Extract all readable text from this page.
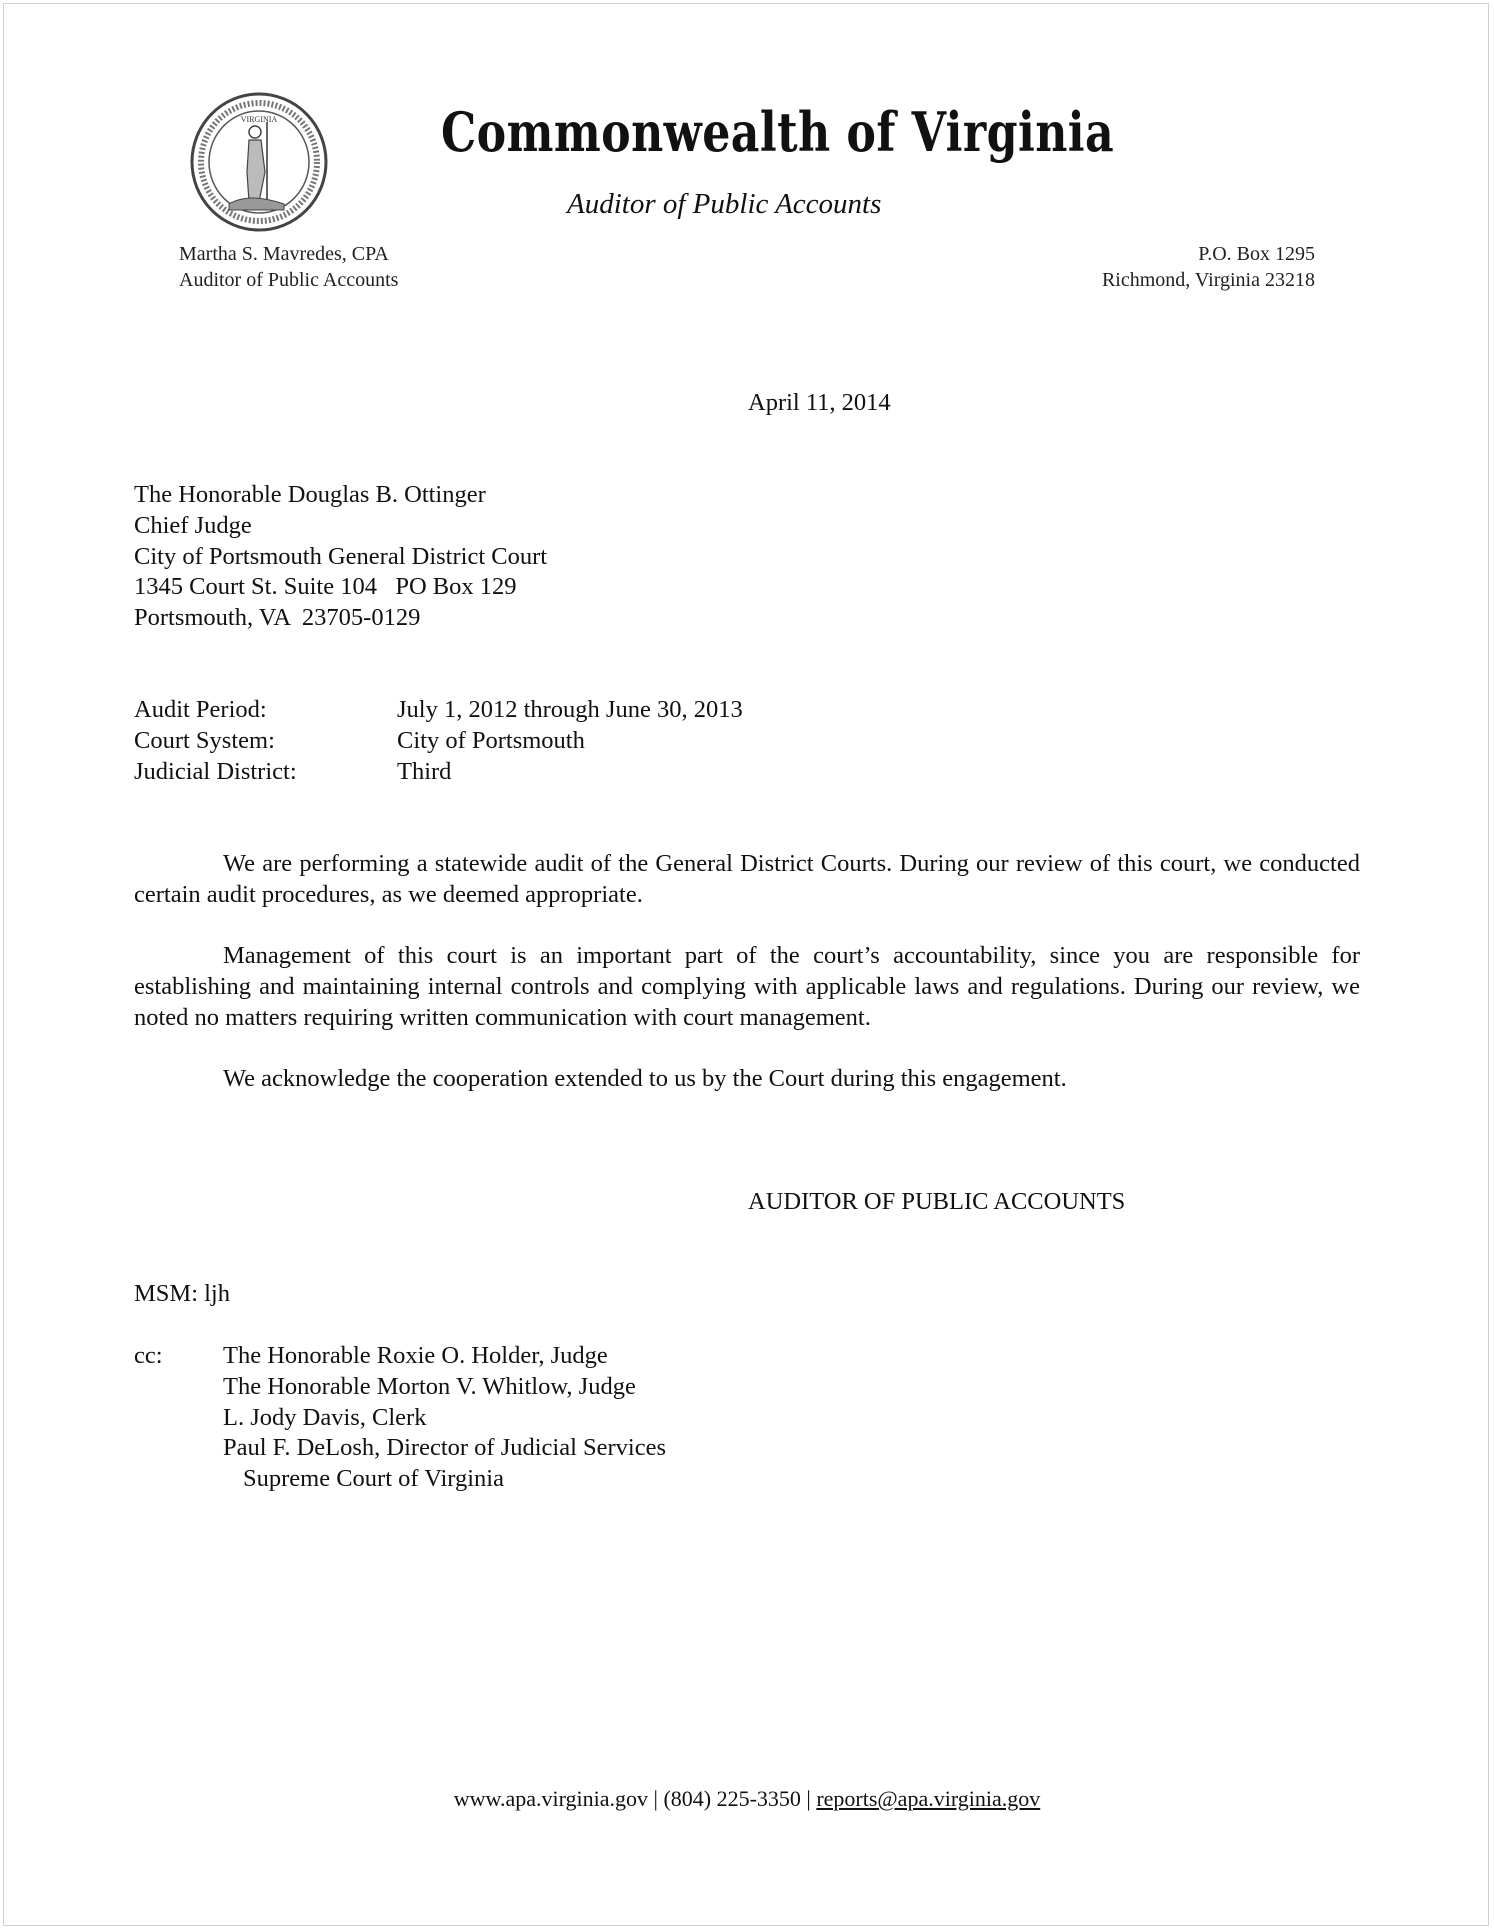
VIRGINIA	Commonwealth of Virginia
Auditor of Public Accounts
Martha S. Mavredes, CPA
Auditor of Public Accounts
P.O. Box 1295
Richmond, Virginia 23218
April 11, 2014
The Honorable Douglas B. Ottinger
Chief Judge
City of Portsmouth General District Court
1345 Court St. Suite 104   PO Box 129
Portsmouth, VA  23705-0129
Audit Period:	July 1, 2012 through June 30, 2013
Court System:	City of Portsmouth
Judicial District:	Third

We are performing a statewide audit of the General District Courts. During our review of this court, we conducted certain audit procedures, as we deemed appropriate.

Management of this court is an important part of the court’s accountability, since you are responsible for establishing and maintaining internal controls and complying with applicable laws and regulations. During our review, we noted no matters requiring written communication with court management.

We acknowledge the cooperation extended to us by the Court during this engagement.

AUDITOR OF PUBLIC ACCOUNTS
MSM: ljh
cc: The Honorable Roxie O. Holder, Judge
The Honorable Morton V. Whitlow, Judge
L. Jody Davis, Clerk
Paul F. DeLosh, Director of Judicial Services
Supreme Court of Virginia
www.apa.virginia.gov | (804) 225-3350 | reports@apa.virginia.gov
